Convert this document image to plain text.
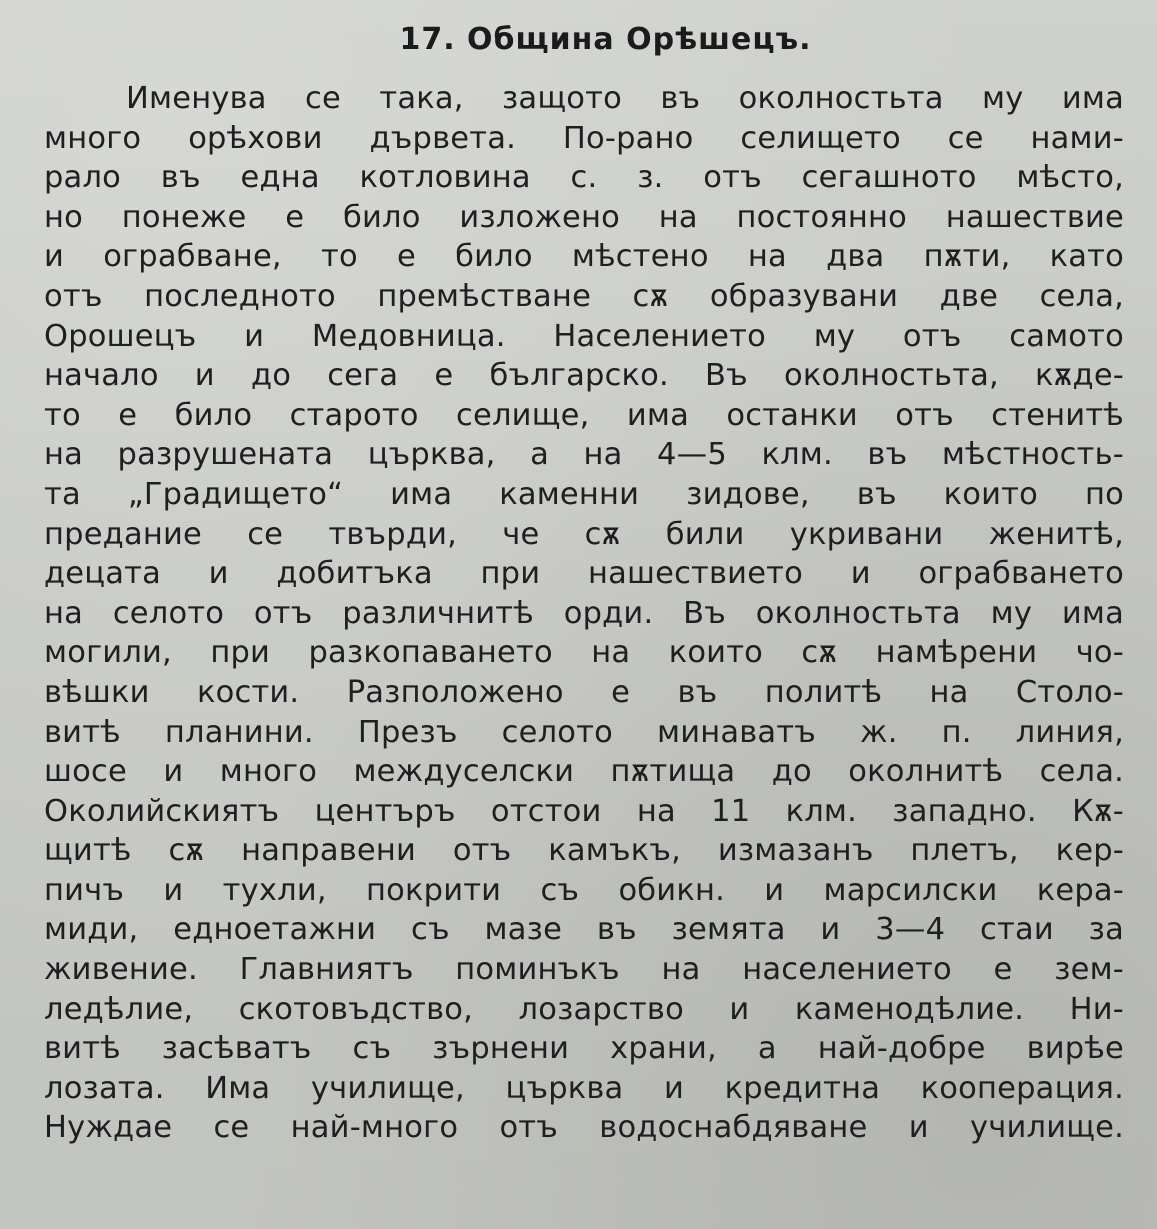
17. Община Орѣшецъ.

Именува се така, защото въ околностьта му има
много орѣхови дървета. По-рано селището се нами-
рало въ една котловина с. з. отъ сегашното мѣсто,
но понеже е било изложено на постоянно нашествие
и ограбване, то е било мѣстено на два пѫти, като
отъ последното премѣстване сѫ образувани две села,
Орошецъ и Медовница. Населението му отъ самото
начало и до сега е българско. Въ околностьта, кѫде-
то е било старото селище, има останки отъ стенитѣ
на разрушената църква, а на 4—5 клм. въ мѣстность-
та „Градището“ има каменни зидове, въ които по
предание се твърди, че сѫ били укривани женитѣ,
децата и добитъка при нашествието и ограбването
на селото отъ различнитѣ орди. Въ околностьта му има
могили, при разкопаването на които сѫ намѣрени чо-
вѣшки кости. Разположено е въ политѣ на Столо-
витѣ планини. Презъ селото минаватъ ж. п. линия,
шосе и много междуселски пѫтища до околнитѣ села.
Околийскиятъ центъръ отстои на 11 клм. западно. Кѫ-
щитѣ сѫ направени отъ камъкъ, измазанъ плетъ, кер-
пичъ и тухли, покрити съ обикн. и марсилски кера-
миди, едноетажни съ мазе въ земята и 3—4 стаи за
живение. Главниятъ поминъкъ на населението е зем-
ледѣлие, скотовъдство, лозарство и каменодѣлие. Ни-
витѣ засѣватъ съ зърнени храни, а най-добре вирѣе
лозата. Има училище, църква и кредитна кооперация.
Нуждае се най-много отъ водоснабдяване и училище.
